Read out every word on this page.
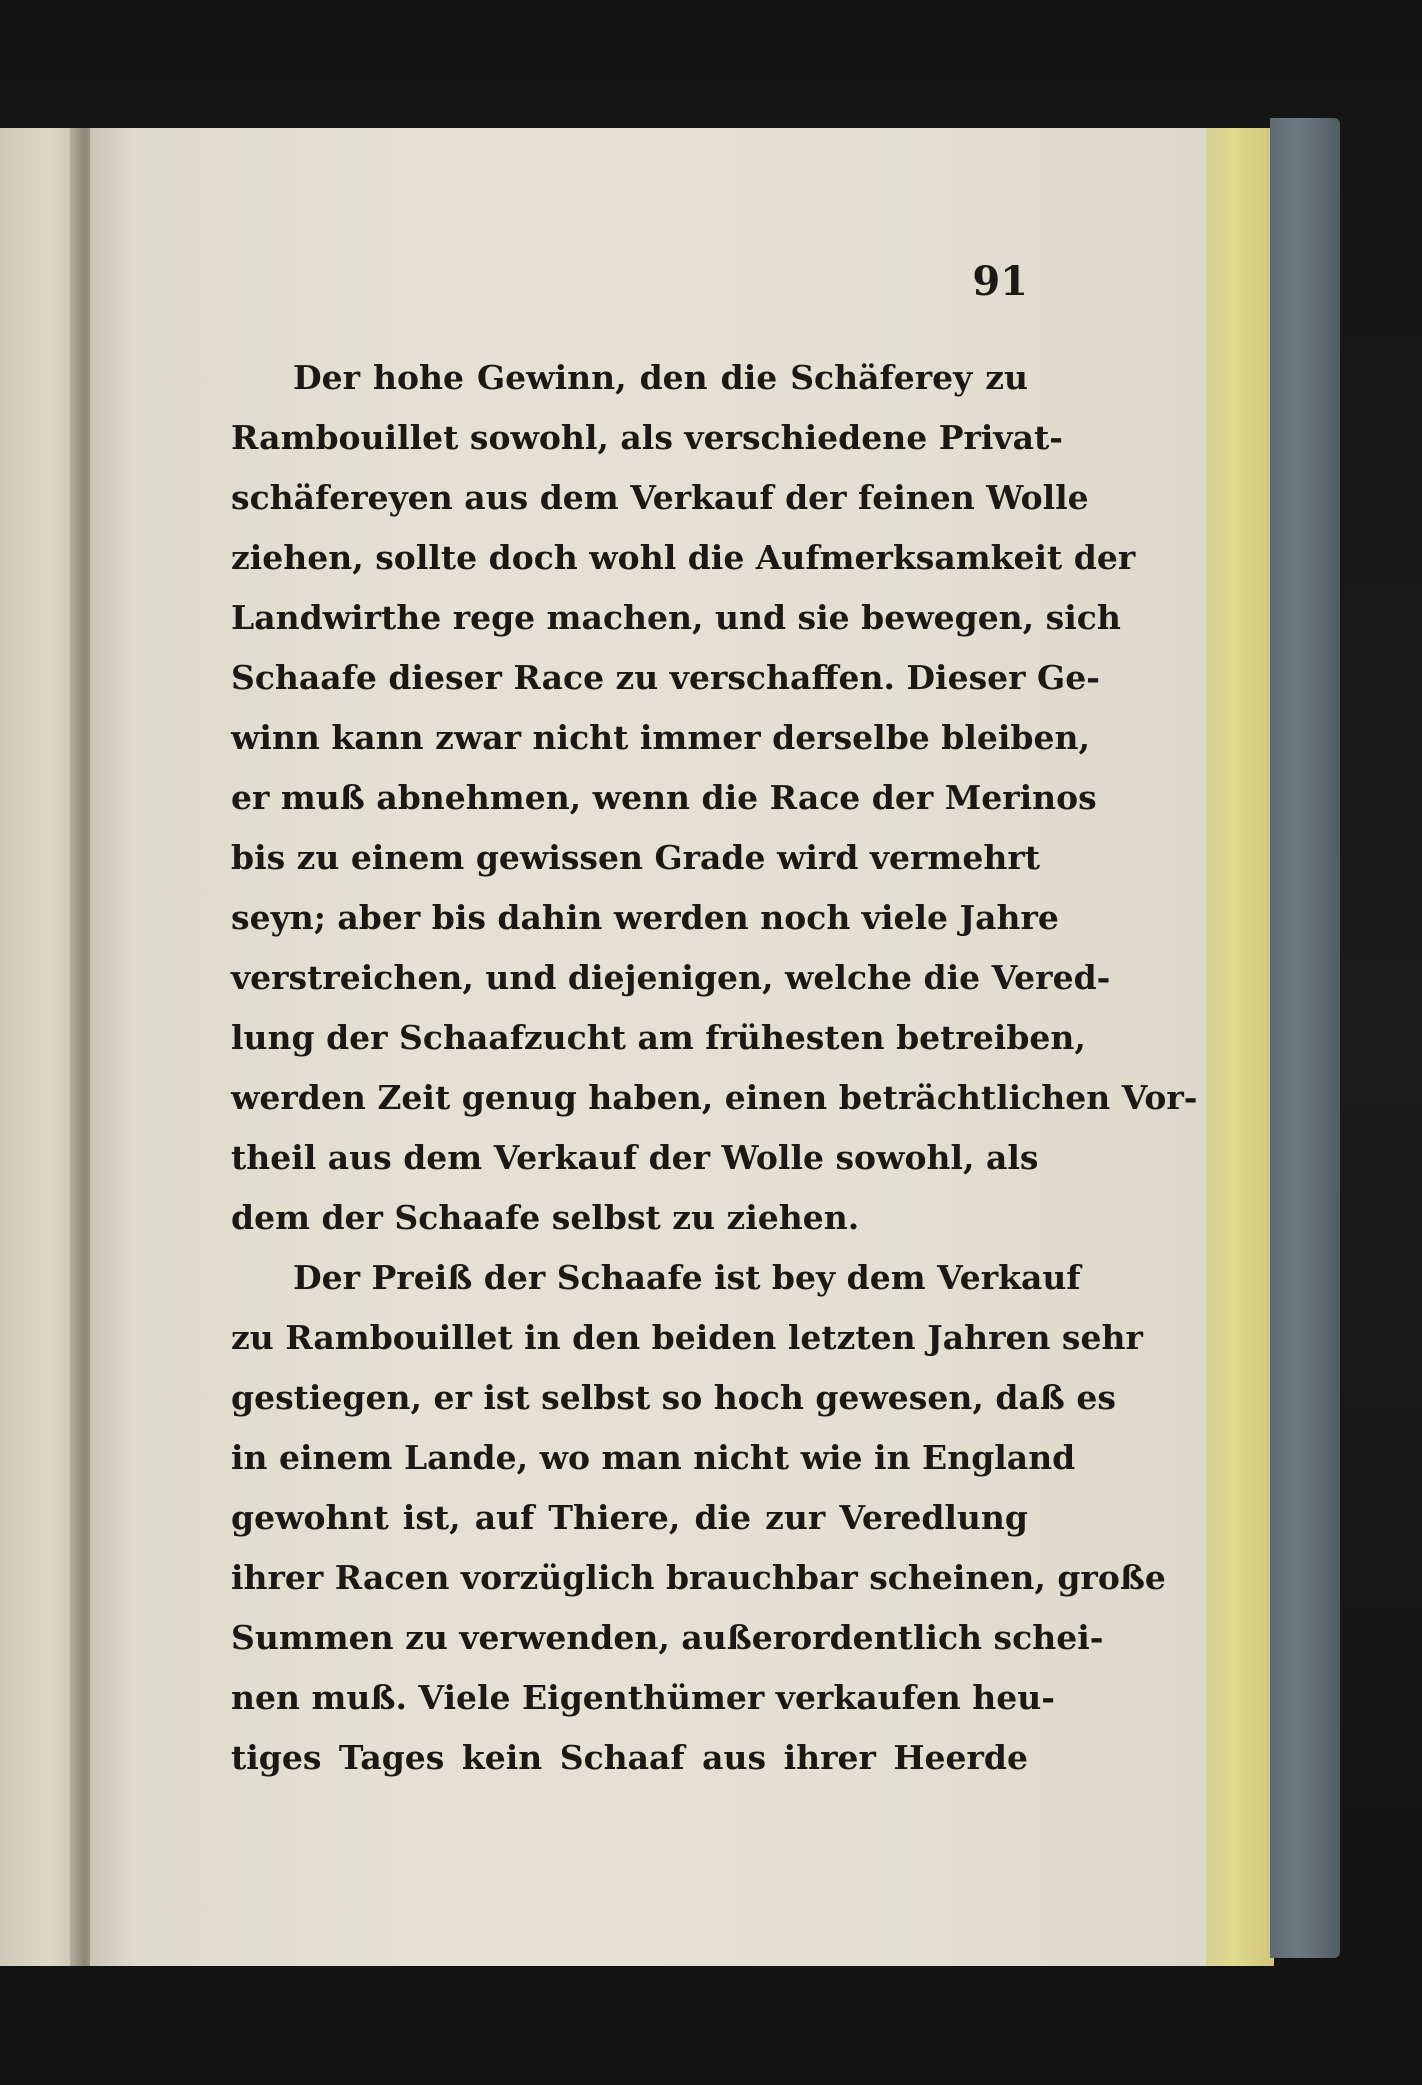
91
Der hohe Gewinn, den die Schäferey zu
Rambouillet sowohl, als verschiedene Privat-
schäfereyen aus dem Verkauf der feinen Wolle
ziehen, sollte doch wohl die Aufmerksamkeit der
Landwirthe rege machen, und sie bewegen, sich
Schaafe dieser Race zu verschaffen. Dieser Ge-
winn kann zwar nicht immer derselbe bleiben,
er muß abnehmen, wenn die Race der Merinos
bis zu einem gewissen Grade wird vermehrt
seyn; aber bis dahin werden noch viele Jahre
verstreichen, und diejenigen, welche die Vered-
lung der Schaafzucht am frühesten betreiben,
werden Zeit genug haben, einen beträchtlichen Vor-
theil aus dem Verkauf der Wolle sowohl, als
dem der Schaafe selbst zu ziehen.
Der Preiß der Schaafe ist bey dem Verkauf
zu Rambouillet in den beiden letzten Jahren sehr
gestiegen, er ist selbst so hoch gewesen, daß es
in einem Lande, wo man nicht wie in England
gewohnt ist, auf Thiere, die zur Veredlung
ihrer Racen vorzüglich brauchbar scheinen, große
Summen zu verwenden, außerordentlich schei-
nen muß. Viele Eigenthümer verkaufen heu-
tiges Tages kein Schaaf aus ihrer Heerde
